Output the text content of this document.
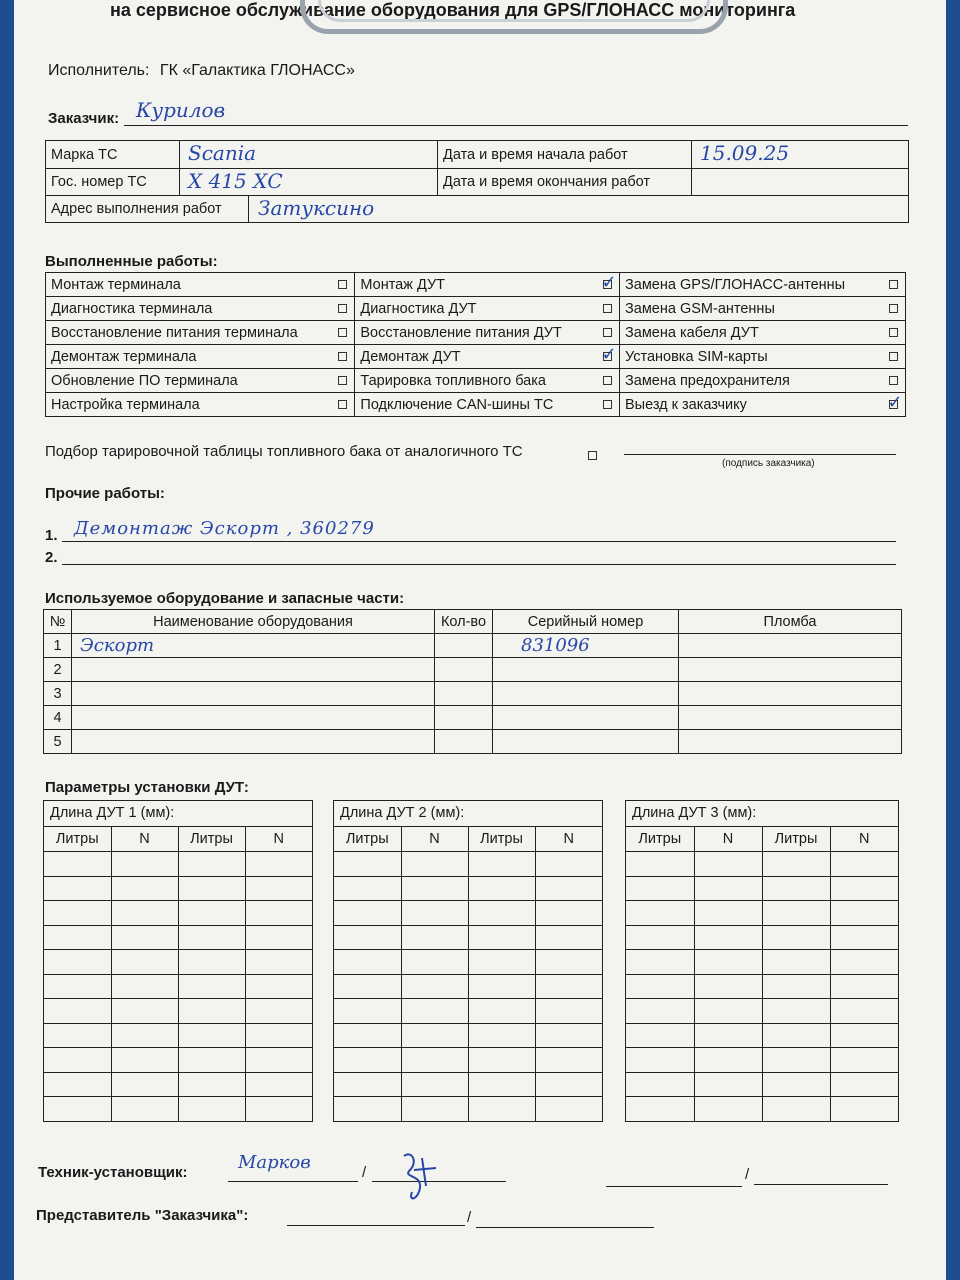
на сервисное обслуживание оборудования для GPS/ГЛОНАСС мониторинга
Исполнитель: ГК «Галактика ГЛОНАСС»
Заказчик: Курилов
Марка ТС	Scania	Дата и время начала работ	15.09.25

Гос. номер ТС	Х 415 ХС	Дата и время окончания работ	
Адрес выполнения работ Затуксино			

Выполненные работы:
Монтаж терминала		Монтаж ДУТ	✓	Замена GPS/ГЛОНАСС-антенны	
Диагностика терминала		Диагностика ДУТ		Замена GSM-антенны	
Восстановление питания терминала		Восстановление питания ДУТ		Замена кабеля ДУТ	
Демонтаж терминала		Демонтаж ДУТ	✓	Установка SIM-карты	
Обновление ПО терминала		Тарировка топливного бака		Замена предохранителя	
Настройка терминала		Подключение CAN-шины ТС		Выезд к заказчику	✓
Подбор тарировочной таблицы топливного бака от аналогичного ТС
(подпись заказчика)
Прочие работы:
1. Демонтаж Эскорт , 360279
2.
Используемое оборудование и запасные части:
№	Наименование оборудования	Кол-во	Серийный номер	Пломба
1	Эскорт		831096	
2				
3				
4				
5				
Параметры установки ДУТ:
Длина ДУТ 1 (мм):
Литры	N	Литры	N

Длина ДУТ 2 (мм):
Литры	N	Литры	N

Длина ДУТ 3 (мм):
Литры	N	Литры	N

Техник-установщик:	Марков	/	/
Представитель "Заказчика":	/
